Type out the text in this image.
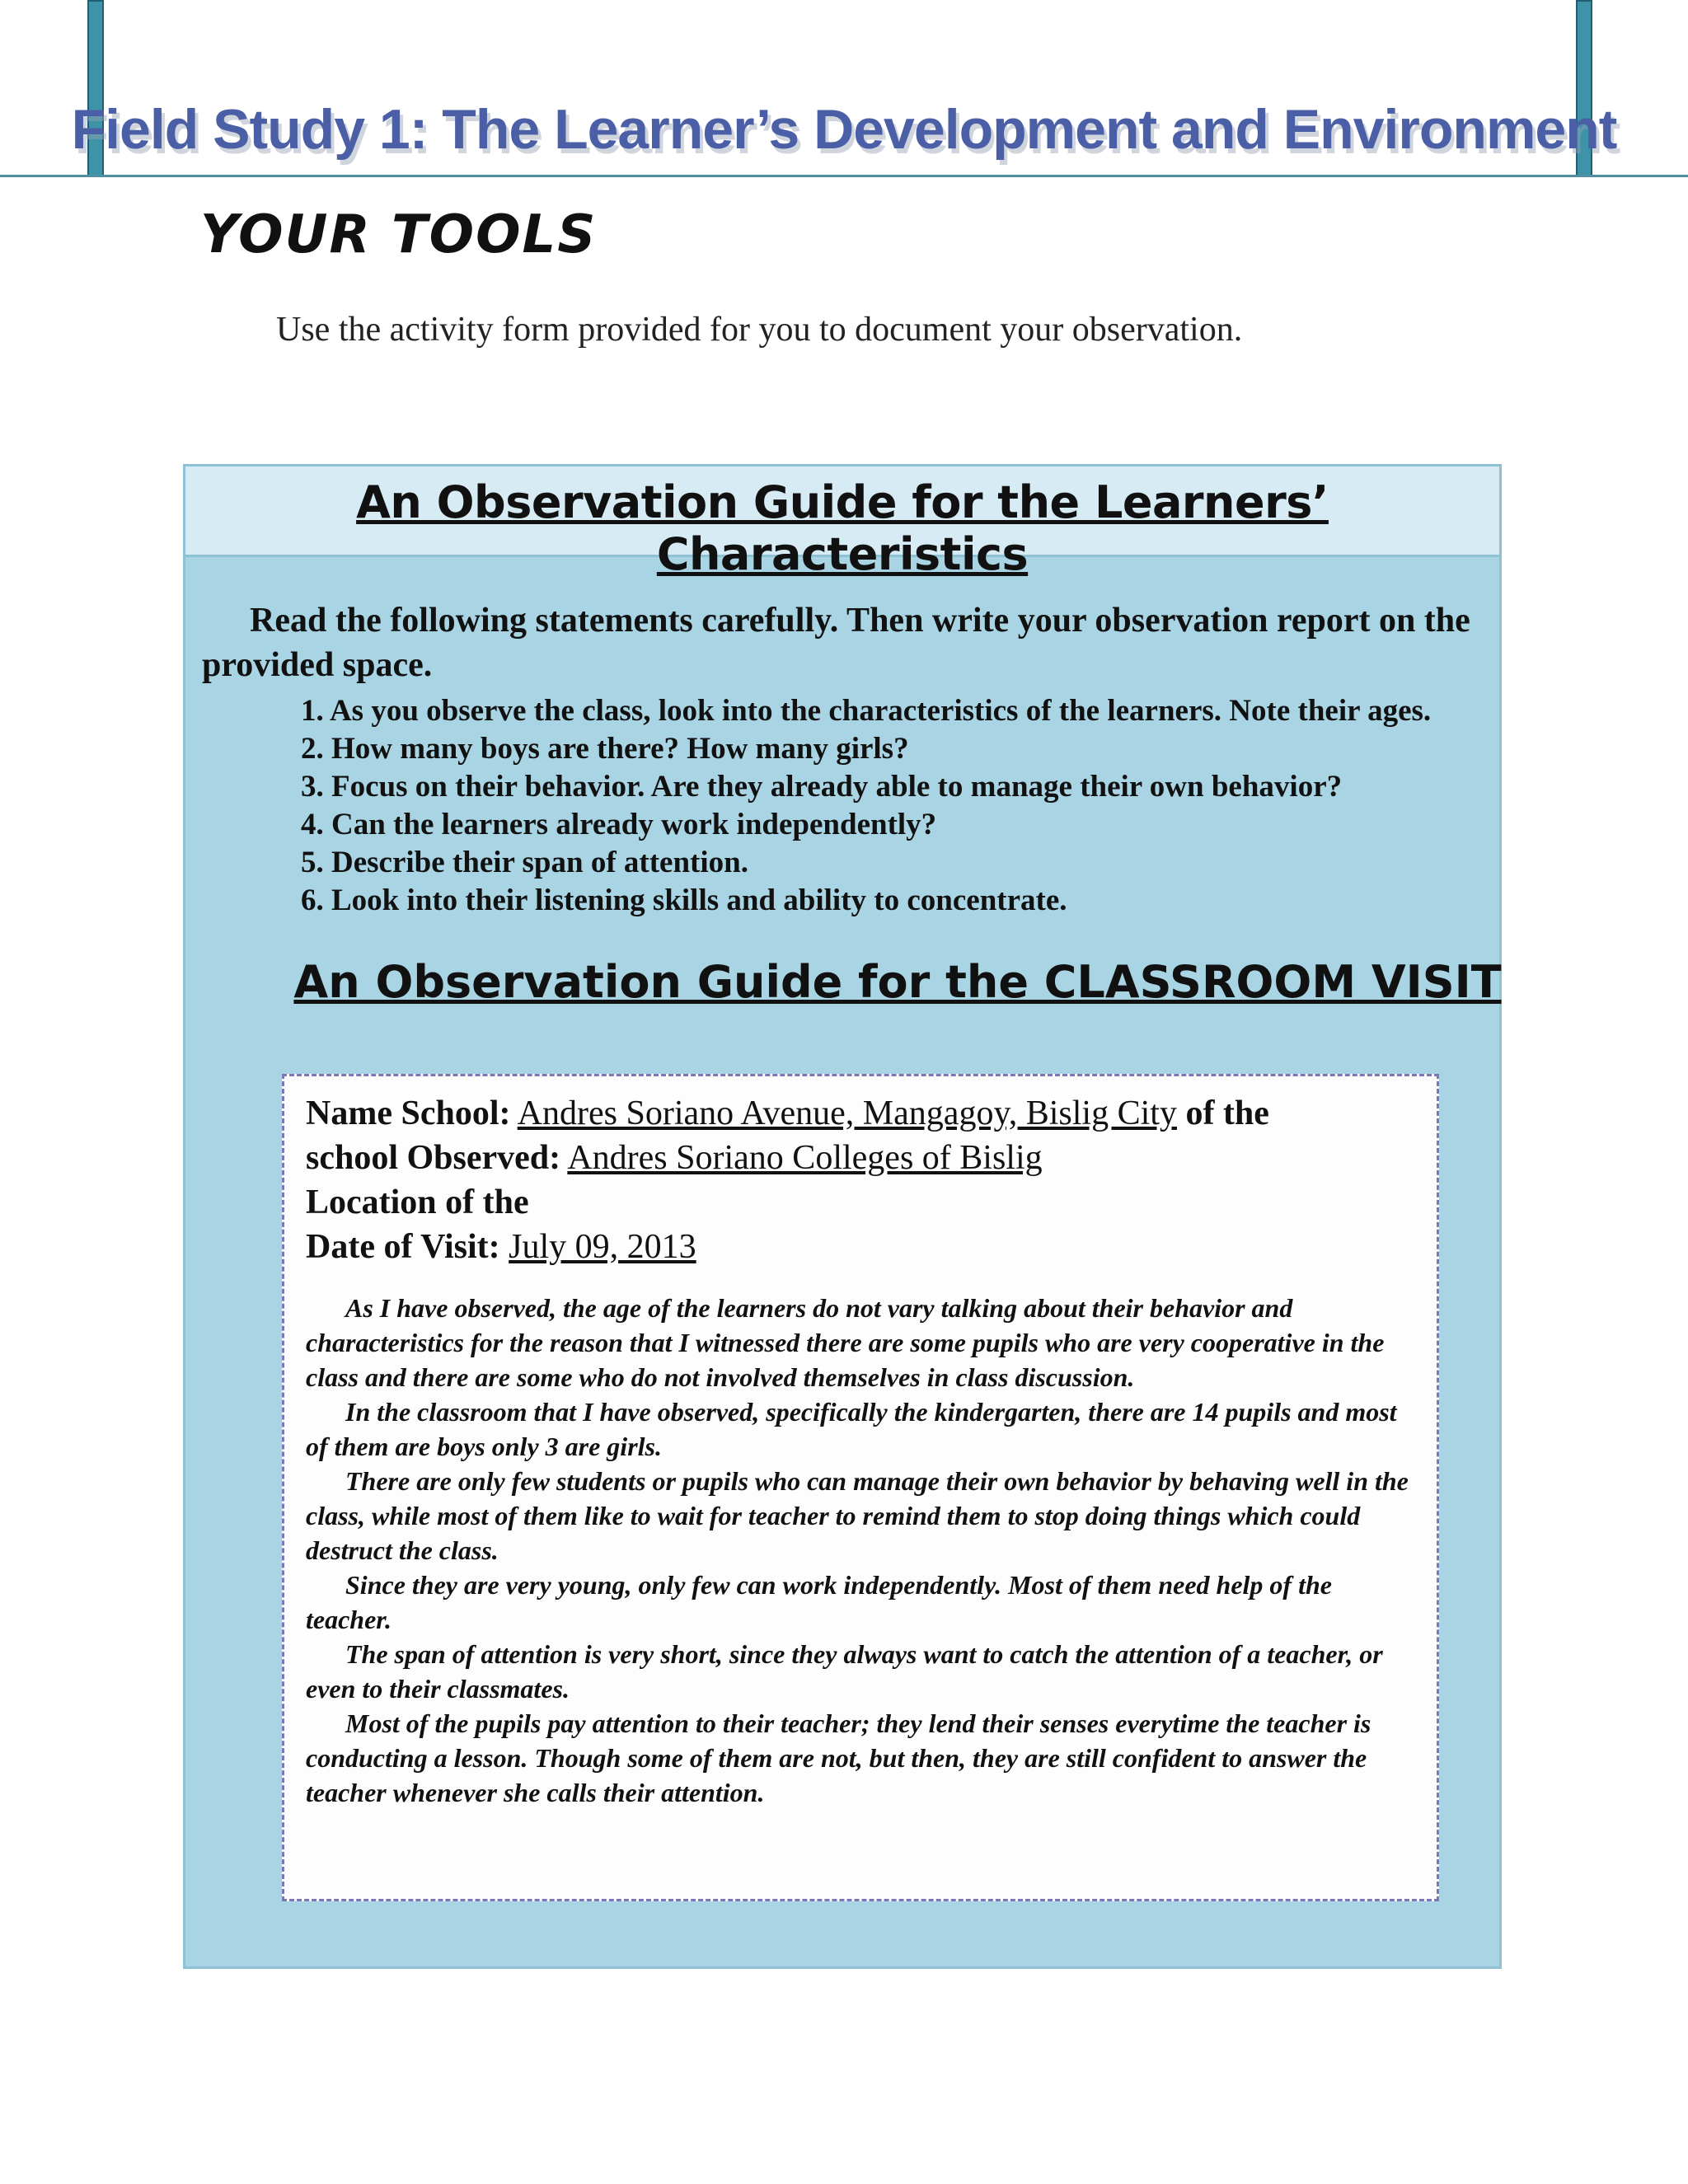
Field Study 1: The Learner’s Development and Environment
YOUR TOOLS
Use the activity form provided for you to document your observation.
An Observation Guide for the Learners’ Characteristics
Read the following statements carefully. Then write your observation report on the provided space.
1. As you observe the class, look into the characteristics of the learners. Note their ages.
2. How many boys are there? How many girls?
3. Focus on their behavior. Are they already able to manage their own behavior?
4. Can the learners already work independently?
5. Describe their span of attention.
6. Look into their listening skills and ability to concentrate.
An Observation Guide for the CLASSROOM VISIT
Name School: Andres Soriano Avenue, Mangagoy, Bislig City of the
school Observed: Andres Soriano Colleges of Bislig
Location of the
Date of Visit: July 09, 2013

As I have observed, the age of the learners do not vary talking about their behavior and characteristics for the reason that I witnessed there are some pupils who are very cooperative in the class and there are some who do not involved themselves in class discussion.

In the classroom that I have observed, specifically the kindergarten, there are 14 pupils and most of them are boys only 3 are girls.

There are only few students or pupils who can manage their own behavior by behaving well in the class, while most of them like to wait for teacher to remind them to stop doing things which could destruct the class.

Since they are very young, only few can work independently. Most of them need help of the teacher.

The span of attention is very short, since they always want to catch the attention of a teacher, or even to their classmates.

Most of the pupils pay attention to their teacher; they lend their senses everytime the teacher is conducting a lesson. Though some of them are not, but then, they are still confident to answer the teacher whenever she calls their attention.
